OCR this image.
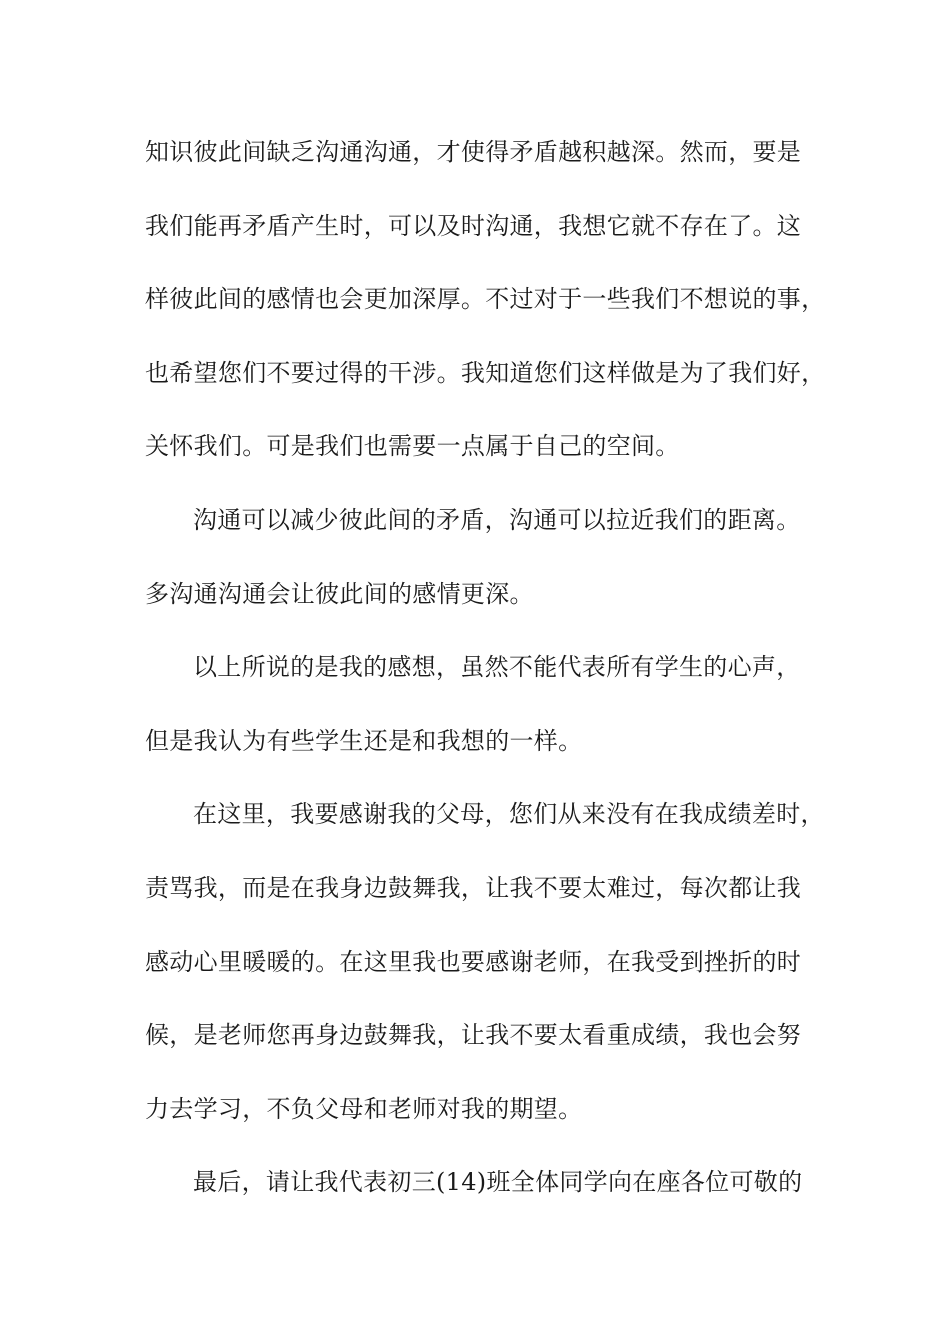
知识彼此间缺乏沟通沟通，才使得矛盾越积越深。然而，要是
我们能再矛盾产生时，可以及时沟通，我想它就不存在了。这
样彼此间的感情也会更加深厚。不过对于一些我们不想说的事，
也希望您们不要过得的干涉。我知道您们这样做是为了我们好，
关怀我们。可是我们也需要一点属于自己的空间。
沟通可以减少彼此间的矛盾，沟通可以拉近我们的距离。
多沟通沟通会让彼此间的感情更深。
以上所说的是我的感想，虽然不能代表所有学生的心声，
但是我认为有些学生还是和我想的一样。
在这里，我要感谢我的父母，您们从来没有在我成绩差时，
责骂我，而是在我身边鼓舞我，让我不要太难过，每次都让我
感动心里暖暖的。在这里我也要感谢老师，在我受到挫折的时
候，是老师您再身边鼓舞我，让我不要太看重成绩，我也会努
力去学习，不负父母和老师对我的期望。
最后，请让我代表初三(14)班全体同学向在座各位可敬的
